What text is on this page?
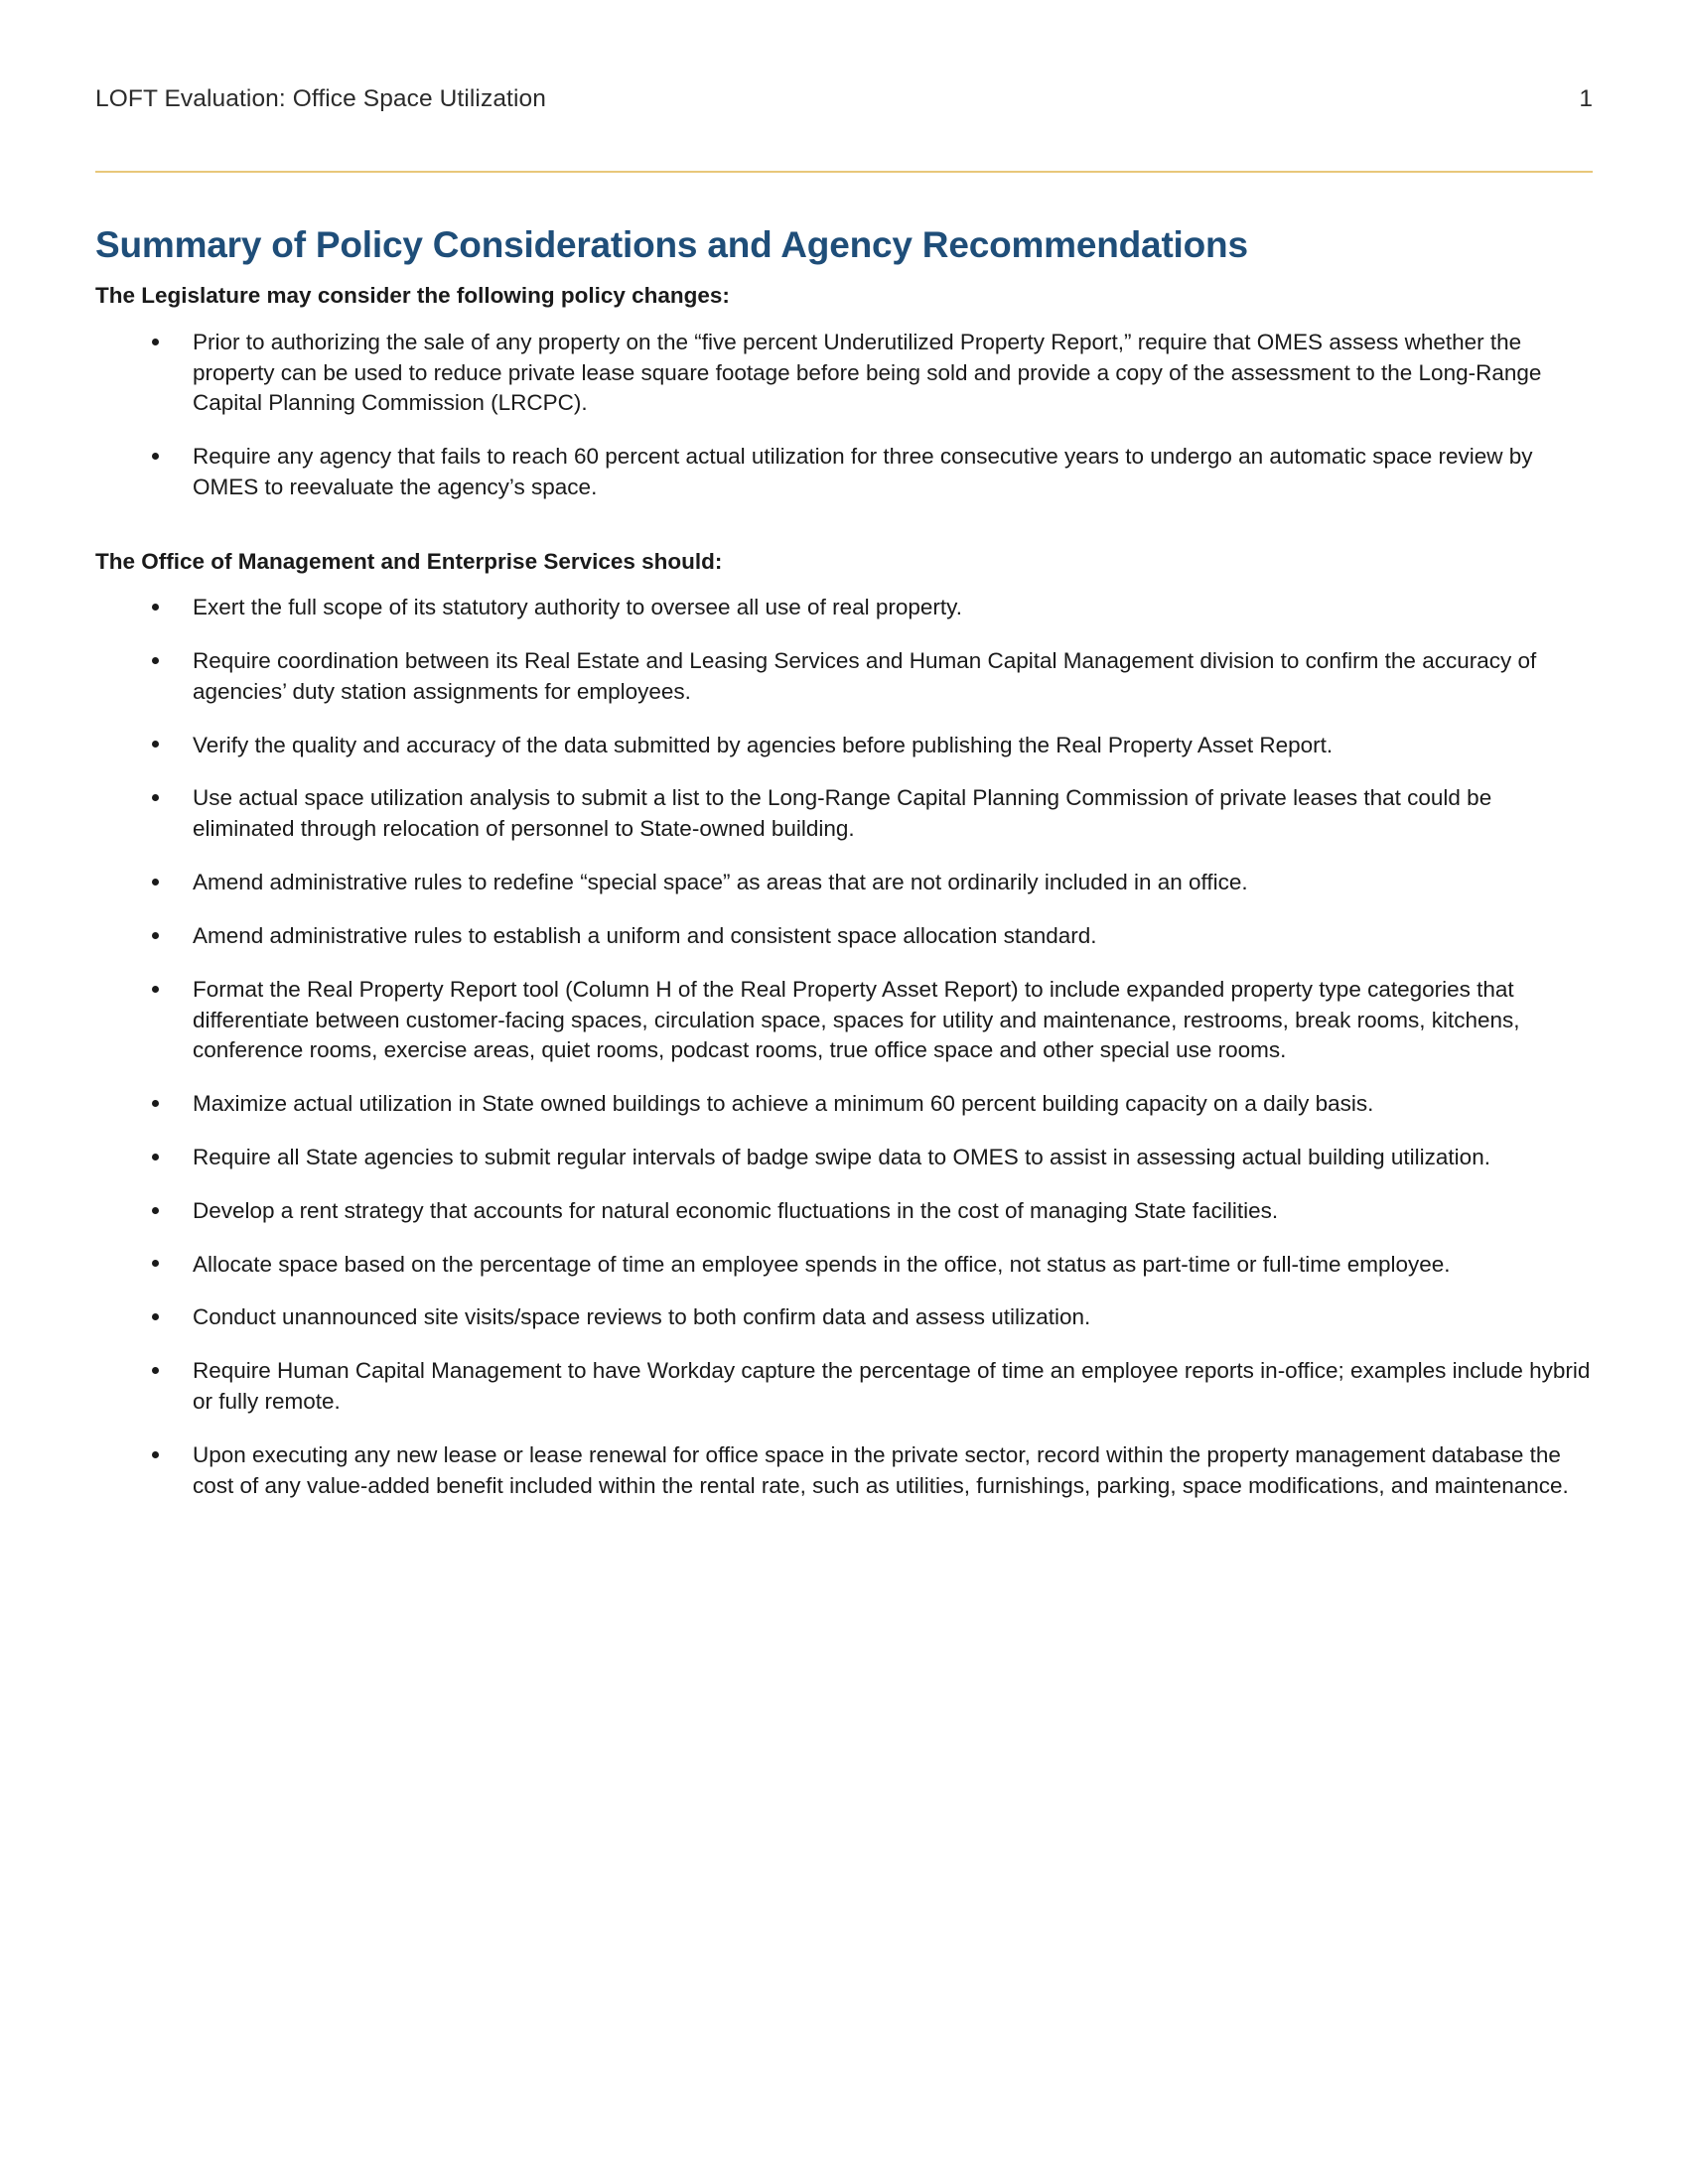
LOFT Evaluation: Office Space Utilization	1
Summary of Policy Considerations and Agency Recommendations

The Legislature may consider the following policy changes:

Prior to authorizing the sale of any property on the “five percent Underutilized Property Report,” require that OMES assess whether the property can be used to reduce private lease square footage before being sold and provide a copy of the assessment to the Long-Range Capital Planning Commission (LRCPC).
Require any agency that fails to reach 60 percent actual utilization for three consecutive years to undergo an automatic space review by OMES to reevaluate the agency’s space.

The Office of Management and Enterprise Services should:

Exert the full scope of its statutory authority to oversee all use of real property.
Require coordination between its Real Estate and Leasing Services and Human Capital Management division to confirm the accuracy of agencies’ duty station assignments for employees.
Verify the quality and accuracy of the data submitted by agencies before publishing the Real Property Asset Report.
Use actual space utilization analysis to submit a list to the Long-Range Capital Planning Commission of private leases that could be eliminated through relocation of personnel to State-owned building.
Amend administrative rules to redefine “special space” as areas that are not ordinarily included in an office.
Amend administrative rules to establish a uniform and consistent space allocation standard.
Format the Real Property Report tool (Column H of the Real Property Asset Report) to include expanded property type categories that differentiate between customer-facing spaces, circulation space, spaces for utility and maintenance, restrooms, break rooms, kitchens, conference rooms, exercise areas, quiet rooms, podcast rooms, true office space and other special use rooms.
Maximize actual utilization in State owned buildings to achieve a minimum 60 percent building capacity on a daily basis.
Require all State agencies to submit regular intervals of badge swipe data to OMES to assist in assessing actual building utilization.
Develop a rent strategy that accounts for natural economic fluctuations in the cost of managing State facilities.
Allocate space based on the percentage of time an employee spends in the office, not status as part-time or full-time employee.
Conduct unannounced site visits/space reviews to both confirm data and assess utilization.
Require Human Capital Management to have Workday capture the percentage of time an employee reports in-office; examples include hybrid or fully remote.
Upon executing any new lease or lease renewal for office space in the private sector, record within the property management database the cost of any value-added benefit included within the rental rate, such as utilities, furnishings, parking, space modifications, and maintenance.
